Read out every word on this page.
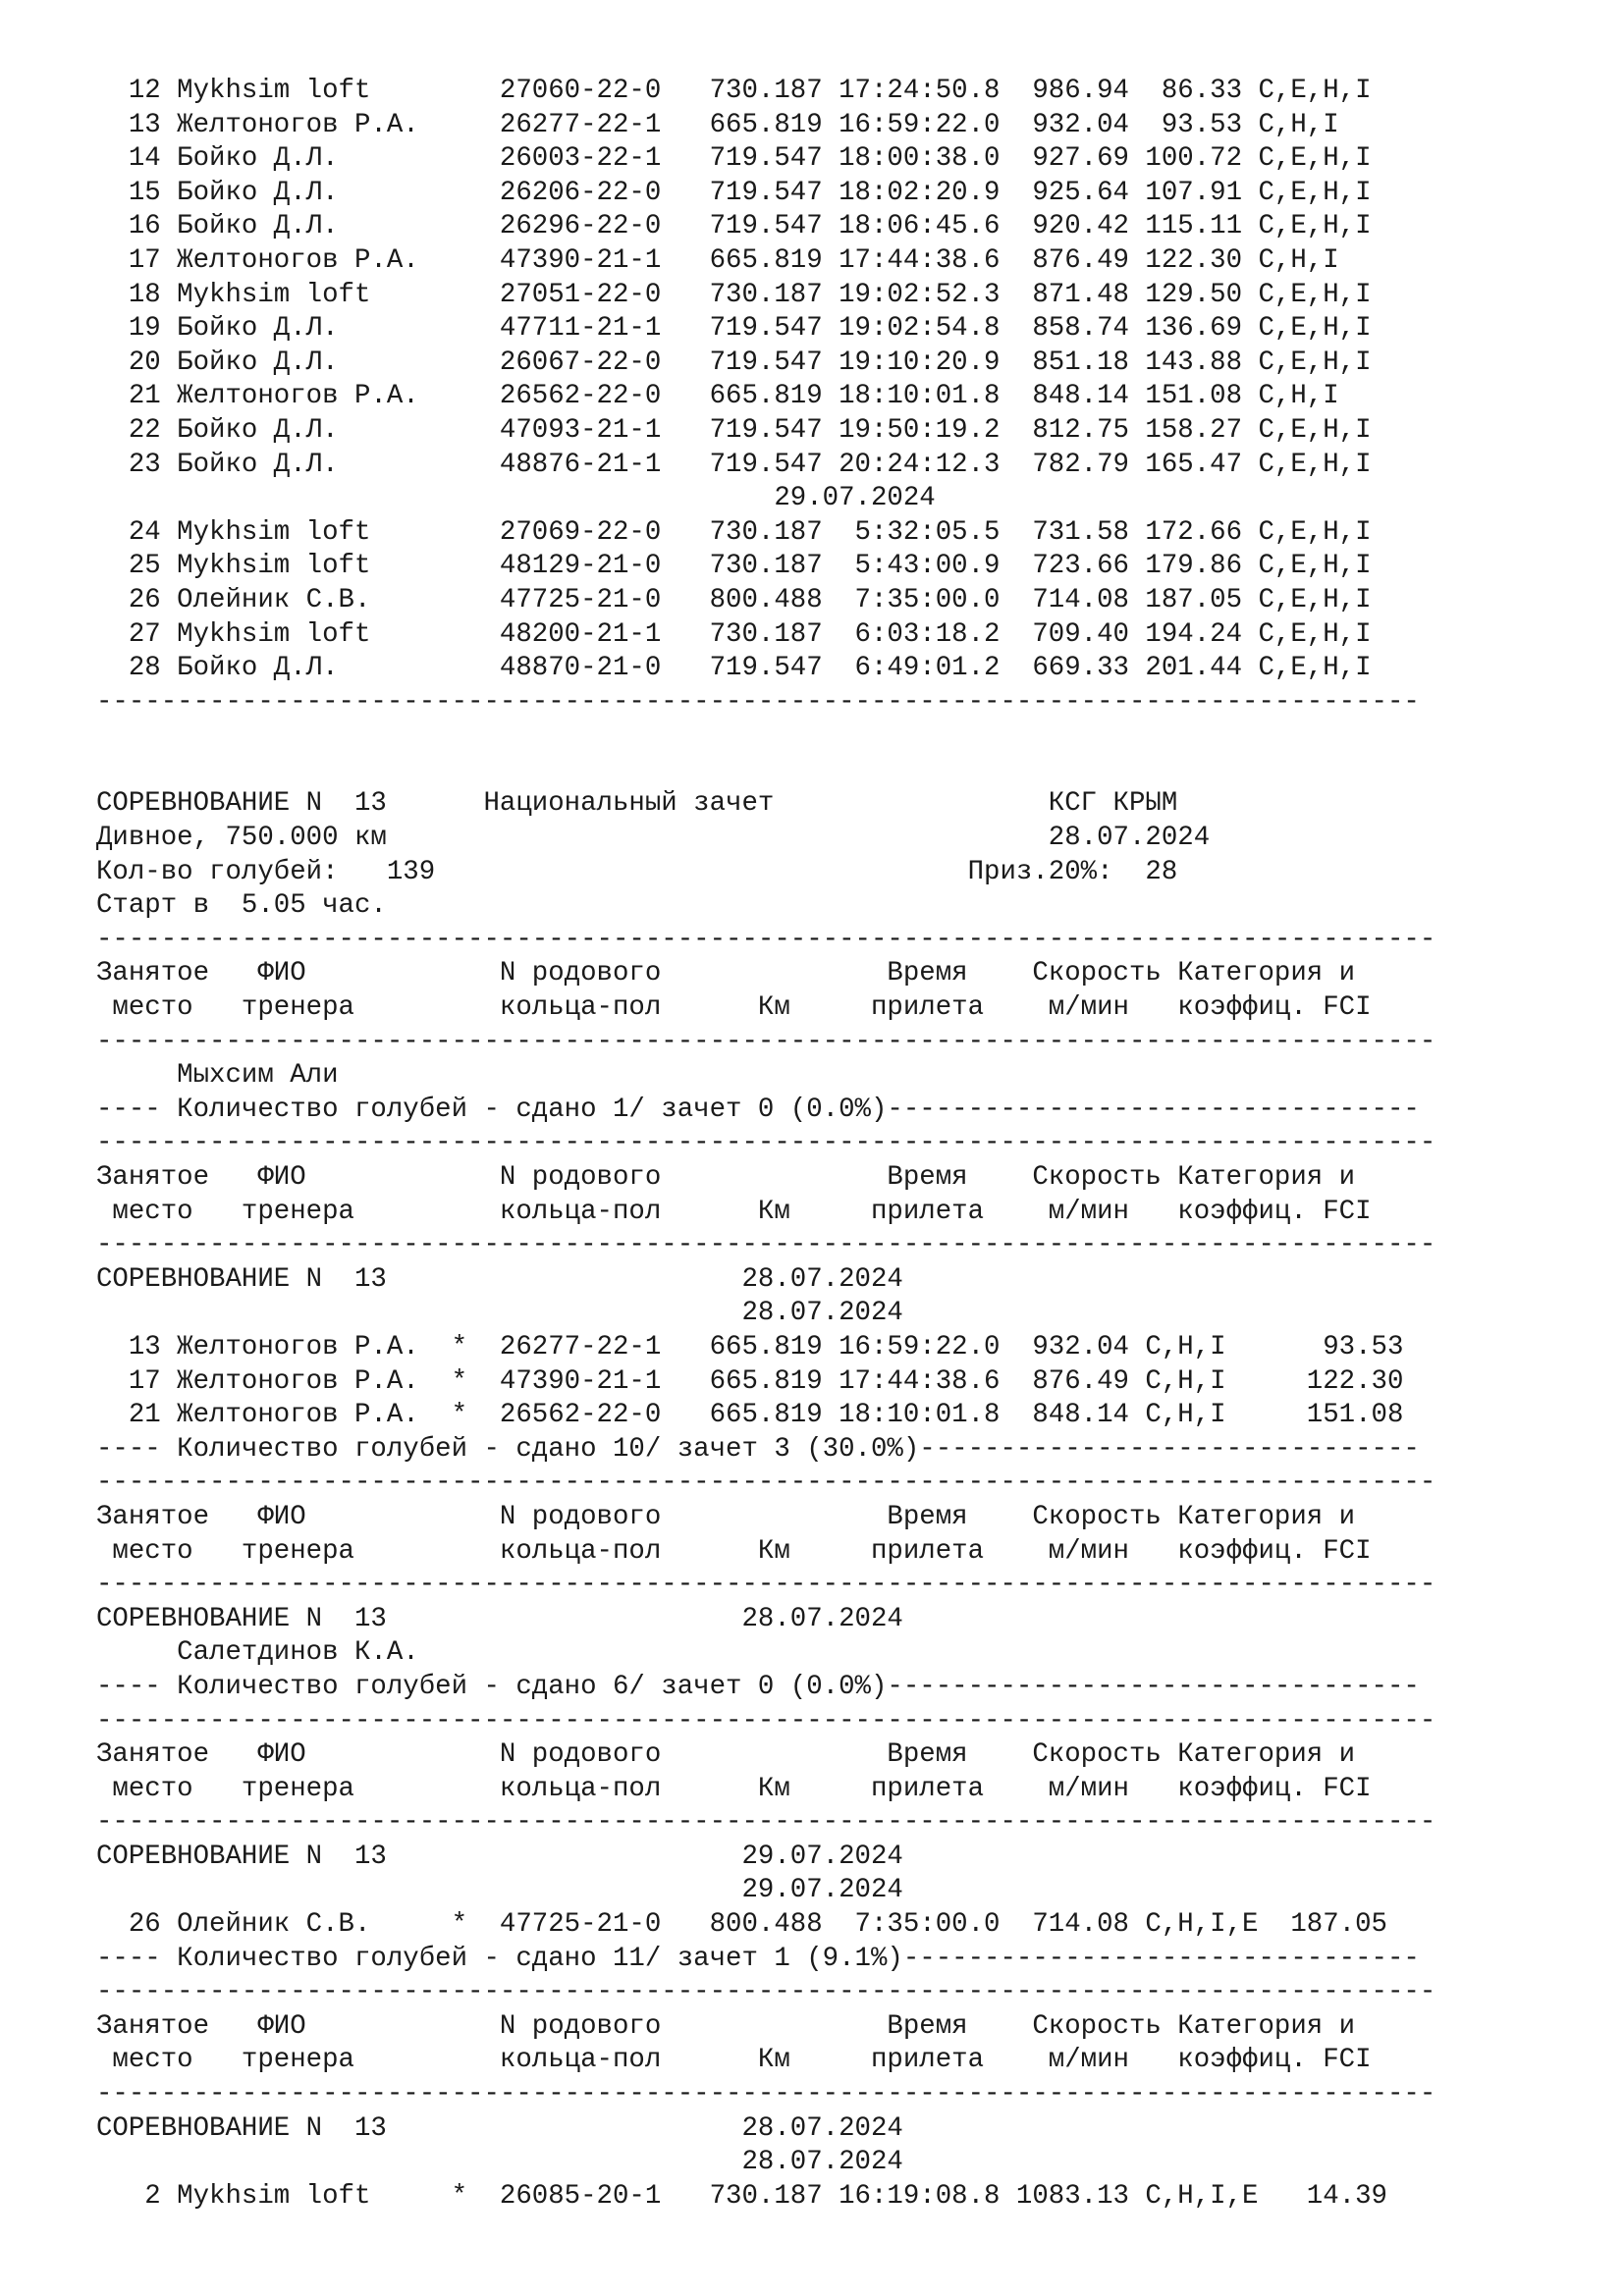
12 Mykhsim loft        27060-22-0   730.187 17:24:50.8  986.94  86.33 C,E,H,I
13 Желтоногов Р.А.     26277-22-1   665.819 16:59:22.0  932.04  93.53 C,H,I
14 Бойко Д.Л.          26003-22-1   719.547 18:00:38.0  927.69 100.72 C,E,H,I
15 Бойко Д.Л.          26206-22-0   719.547 18:02:20.9  925.64 107.91 C,E,H,I
16 Бойко Д.Л.          26296-22-0   719.547 18:06:45.6  920.42 115.11 C,E,H,I
17 Желтоногов Р.А.     47390-21-1   665.819 17:44:38.6  876.49 122.30 C,H,I
18 Mykhsim loft        27051-22-0   730.187 19:02:52.3  871.48 129.50 C,E,H,I
19 Бойко Д.Л.          47711-21-1   719.547 19:02:54.8  858.74 136.69 C,E,H,I
20 Бойко Д.Л.          26067-22-0   719.547 19:10:20.9  851.18 143.88 C,E,H,I
21 Желтоногов Р.А.     26562-22-0   665.819 18:10:01.8  848.14 151.08 C,H,I
22 Бойко Д.Л.          47093-21-1   719.547 19:50:19.2  812.75 158.27 C,E,H,I
23 Бойко Д.Л.          48876-21-1   719.547 20:24:12.3  782.79 165.47 C,E,H,I
29.07.2024
24 Mykhsim loft        27069-22-0   730.187  5:32:05.5  731.58 172.66 C,E,H,I
25 Mykhsim loft        48129-21-0   730.187  5:43:00.9  723.66 179.86 C,E,H,I
26 Олейник С.В.        47725-21-0   800.488  7:35:00.0  714.08 187.05 C,E,H,I
27 Mykhsim loft        48200-21-1   730.187  6:03:18.2  709.40 194.24 C,E,H,I
28 Бойко Д.Л.          48870-21-0   719.547  6:49:01.2  669.33 201.44 C,E,H,I
----------------------------------------------------------------------------------

СОРЕВНОВАНИЕ N  13      Национальный зачет                 КСГ КРЫМ
Дивное, 750.000 км                                         28.07.2024
Кол-во голубей:   139                                 Приз.20%:  28
Старт в  5.05 час.
-----------------------------------------------------------------------------------
Занятое   ФИО            N родового              Время    Скорость Категория и
место   тренера         кольца-пол      Км     прилета    м/мин   коэффиц. FCI
-----------------------------------------------------------------------------------
Мыхсим Али
---- Количество голубей - сдано 1/ зачет 0 (0.0%)---------------------------------
-----------------------------------------------------------------------------------
Занятое   ФИО            N родового              Время    Скорость Категория и
место   тренера         кольца-пол      Км     прилета    м/мин   коэффиц. FCI
-----------------------------------------------------------------------------------
СОРЕВНОВАНИЕ N  13                      28.07.2024
28.07.2024
13 Желтоногов Р.А.  *  26277-22-1   665.819 16:59:22.0  932.04 C,H,I      93.53
17 Желтоногов Р.А.  *  47390-21-1   665.819 17:44:38.6  876.49 C,H,I     122.30
21 Желтоногов Р.А.  *  26562-22-0   665.819 18:10:01.8  848.14 C,H,I     151.08
---- Количество голубей - сдано 10/ зачет 3 (30.0%)-------------------------------
-----------------------------------------------------------------------------------
Занятое   ФИО            N родового              Время    Скорость Категория и
место   тренера         кольца-пол      Км     прилета    м/мин   коэффиц. FCI
-----------------------------------------------------------------------------------
СОРЕВНОВАНИЕ N  13                      28.07.2024
Салетдинов К.А.
---- Количество голубей - сдано 6/ зачет 0 (0.0%)---------------------------------
-----------------------------------------------------------------------------------
Занятое   ФИО            N родового              Время    Скорость Категория и
место   тренера         кольца-пол      Км     прилета    м/мин   коэффиц. FCI
-----------------------------------------------------------------------------------
СОРЕВНОВАНИЕ N  13                      29.07.2024
29.07.2024
26 Олейник С.В.     *  47725-21-0   800.488  7:35:00.0  714.08 C,H,I,E  187.05
---- Количество голубей - сдано 11/ зачет 1 (9.1%)--------------------------------
-----------------------------------------------------------------------------------
Занятое   ФИО            N родового              Время    Скорость Категория и
место   тренера         кольца-пол      Км     прилета    м/мин   коэффиц. FCI
-----------------------------------------------------------------------------------
СОРЕВНОВАНИЕ N  13                      28.07.2024
28.07.2024
2 Mykhsim loft     *  26085-20-1   730.187 16:19:08.8 1083.13 C,H,I,E   14.39
